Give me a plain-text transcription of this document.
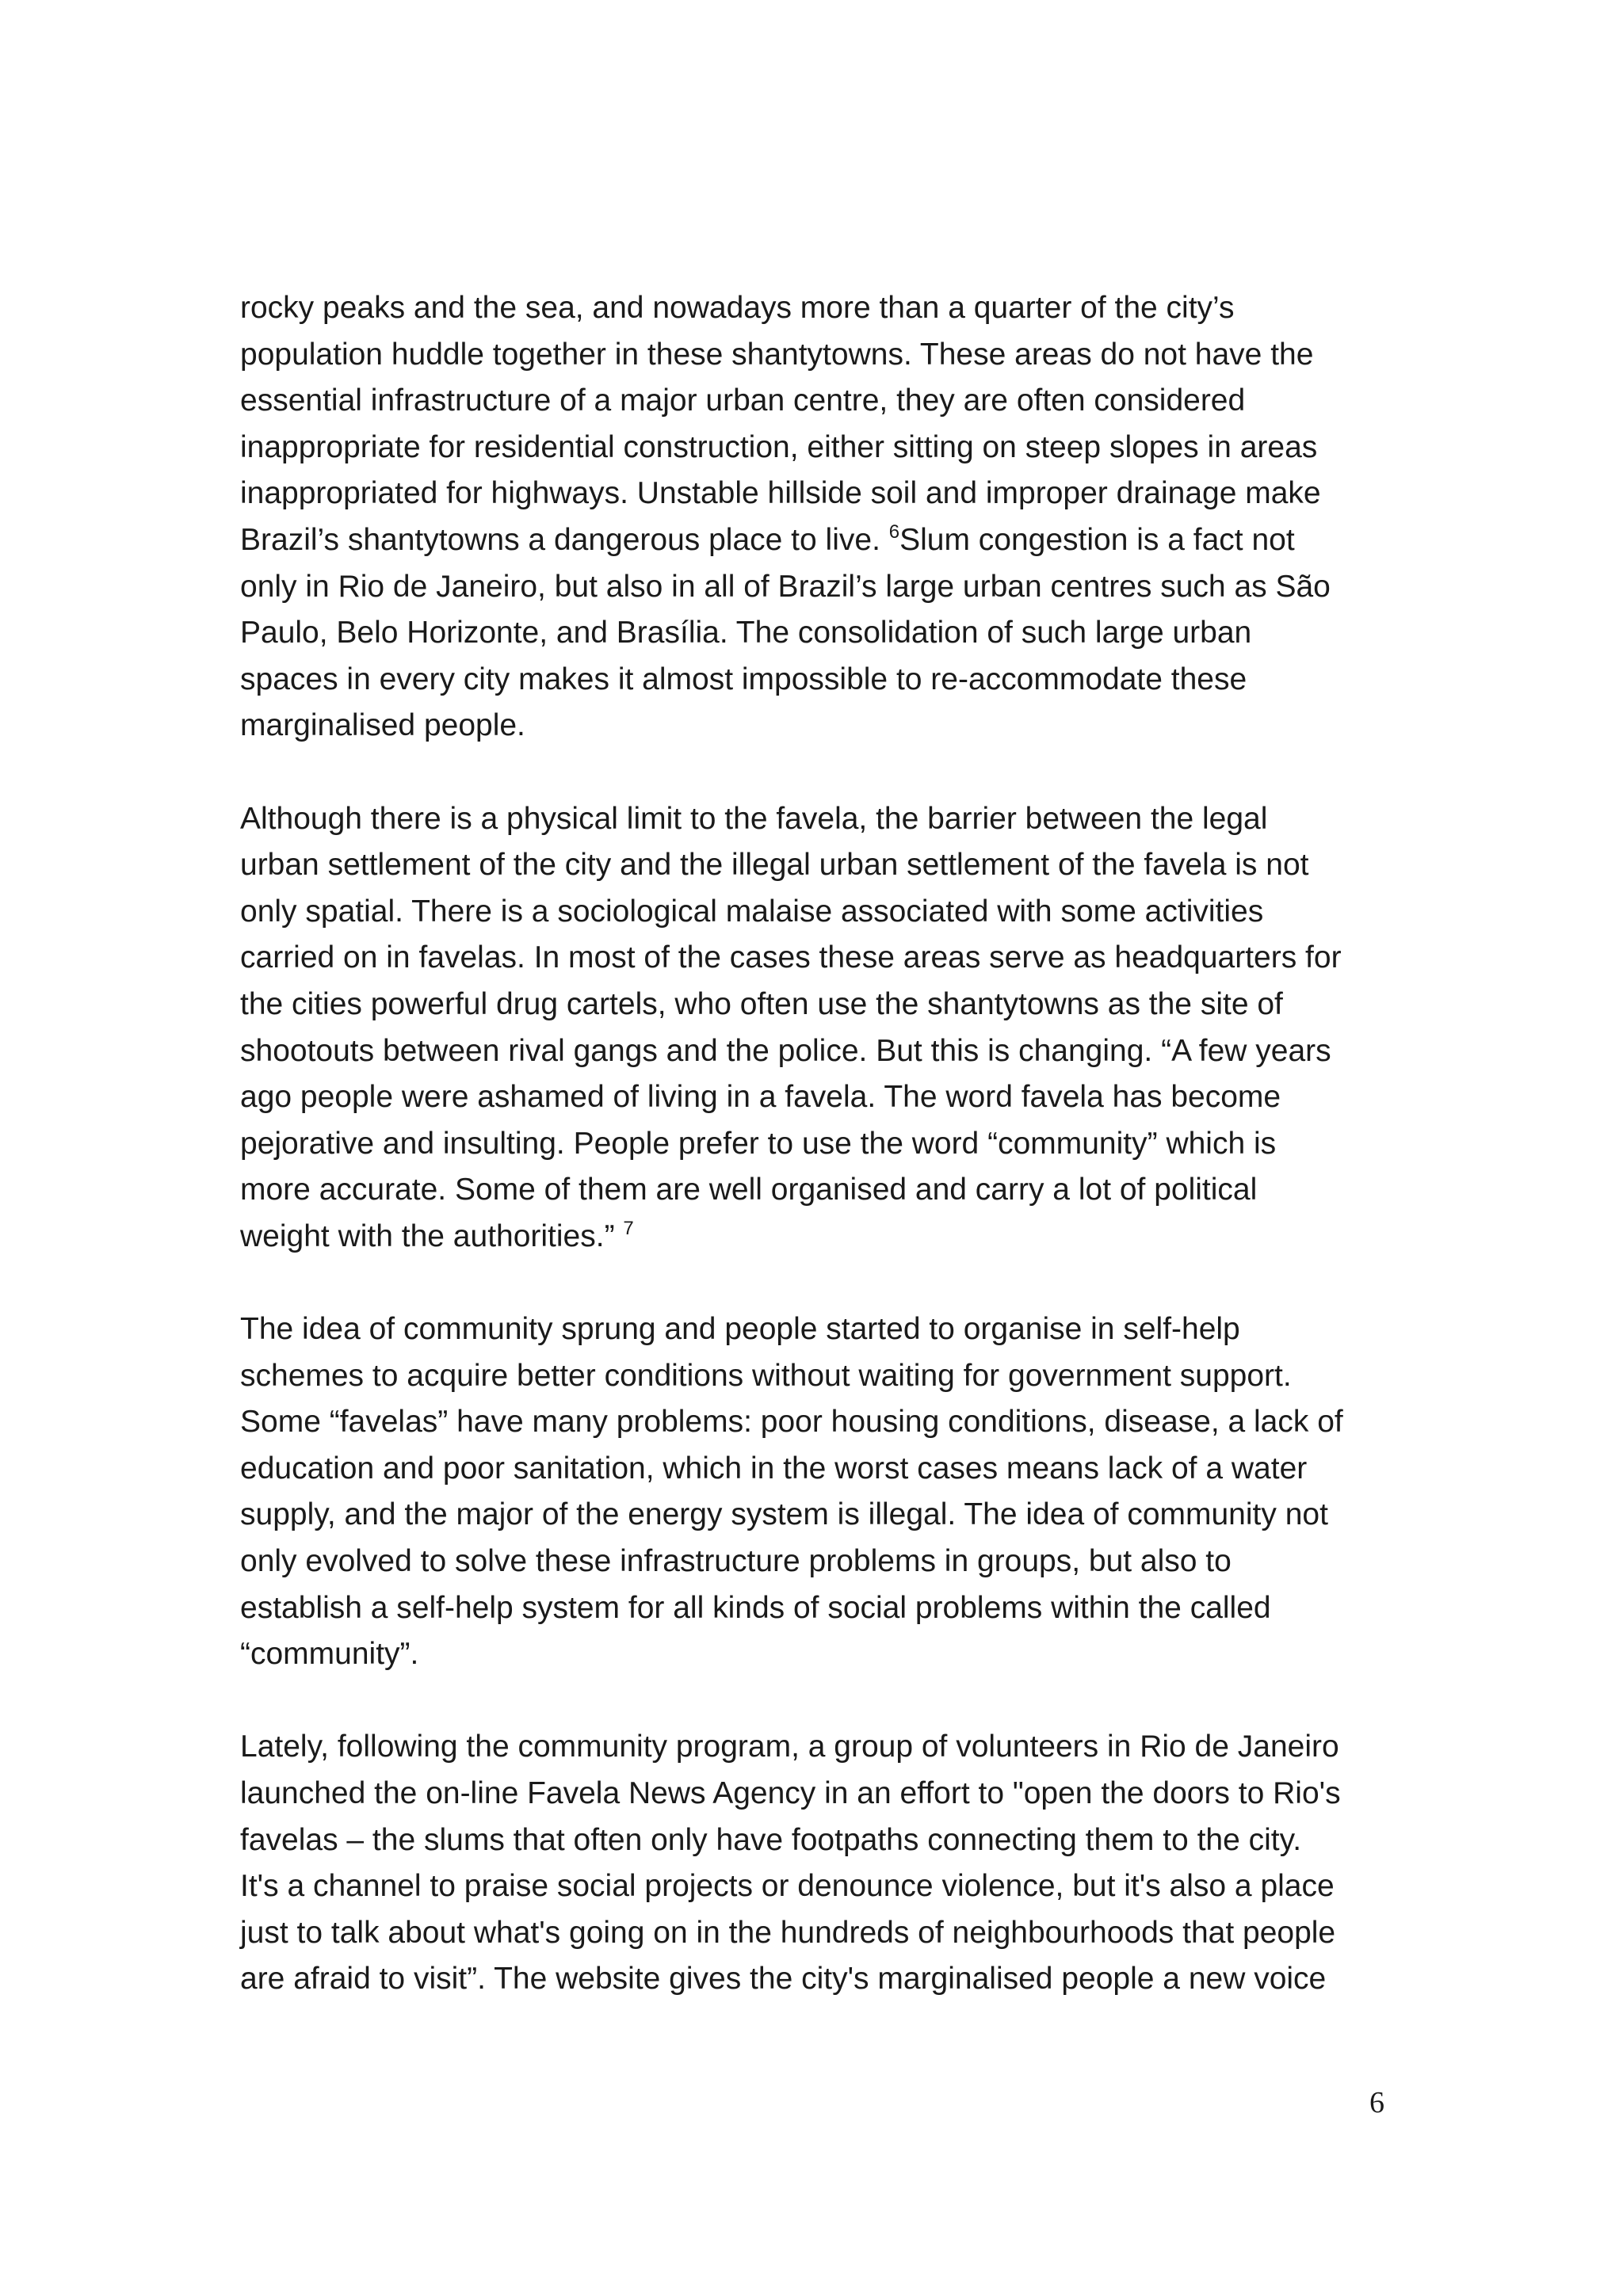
rocky peaks and the sea, and nowadays more than a quarter of the city’s
population huddle together in these shantytowns. These areas do not have the
essential infrastructure of a major urban centre, they are often considered
inappropriate for residential construction, either sitting on steep slopes in areas
inappropriated for highways. Unstable hillside soil and improper drainage make
Brazil’s shantytowns a dangerous place to live. $^6$Slum congestion is a fact not
only in Rio de Janeiro, but also in all of Brazil’s large urban centres such as São
Paulo, Belo Horizonte, and Brasília. The consolidation of such large urban
spaces in every city makes it almost impossible to re-accommodate these
marginalised people.

Although there is a physical limit to the favela, the barrier between the legal
urban settlement of the city and the illegal urban settlement of the favela is not
only spatial. There is a sociological malaise associated with some activities
carried on in favelas. In most of the cases these areas serve as headquarters for
the cities powerful drug cartels, who often use the shantytowns as the site of
shootouts between rival gangs and the police. But this is changing. “A few years
ago people were ashamed of living in a favela. The word favela has become
pejorative and insulting. People prefer to use the word “community” which is
more accurate. Some of them are well organised and carry a lot of political
weight with the authorities.” $^7$

The idea of community sprung and people started to organise in self-help
schemes to acquire better conditions without waiting for government support.
Some “favelas” have many problems: poor housing conditions, disease, a lack of
education and poor sanitation, which in the worst cases means lack of a water
supply, and the major of the energy system is illegal. The idea of community not
only evolved to solve these infrastructure problems in groups, but also to
establish a self-help system for all kinds of social problems within the called
“community”.

Lately, following the community program, a group of volunteers in Rio de Janeiro
launched the on-line Favela News Agency in an effort to "open the doors to Rio's
favelas – the slums that often only have footpaths connecting them to the city.
It's a channel to praise social projects or denounce violence, but it's also a place
just to talk about what's going on in the hundreds of neighbourhoods that people
are afraid to visit”. The website gives the city's marginalised people a new voice

6
